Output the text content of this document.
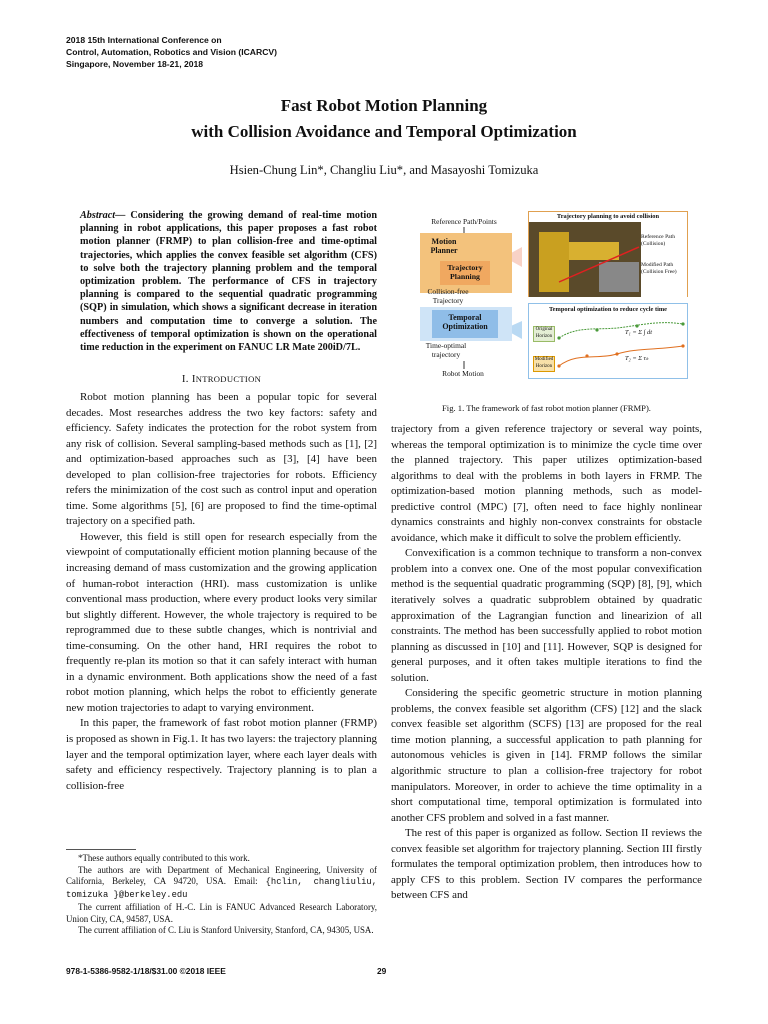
2018 15th International Conference on
Control, Automation, Robotics and Vision (ICARCV)
Singapore, November 18-21, 2018
Fast Robot Motion Planning
with Collision Avoidance and Temporal Optimization
Hsien-Chung Lin*, Changliu Liu*, and Masayoshi Tomizuka
Abstract— Considering the growing demand of real-time motion planning in robot applications, this paper proposes a fast robot motion planner (FRMP) to plan collision-free and time-optimal trajectories, which applies the convex feasible set algorithm (CFS) to solve both the trajectory planning problem and the temporal optimization problem. The performance of CFS in trajectory planning is compared to the sequential quadratic programming (SQP) in simulation, which shows a significant decrease in iteration numbers and computation time to converge a solution. The effectiveness of temporal optimization is shown on the operational time reduction in the experiment on FANUC LR Mate 200iD/7L.
I. INTRODUCTION

Robot motion planning has been a popular topic for several decades. Most researches address the two key factors: safety and efficiency. Safety indicates the protection for the robot system from any risk of collision. Several sampling-based methods such as [1], [2] and optimization-based approaches such as [3], [4] have been developed to plan collision-free trajectories for robots. Efficiency refers the minimization of the cost such as control input and operation time. Some algorithms [5], [6] are proposed to find the time-optimal trajectory on a specified path.

However, this field is still open for research especially from the viewpoint of computationally efficient motion planning because of the increasing demand of mass customization and the growing application of human-robot interaction (HRI). mass customization is unlike conventional mass production, where every product looks very similar but slightly different. However, the whole trajectory is required to be reprogrammed due to these subtle changes, which is nontrivial and time-consuming. On the other hand, HRI requires the robot to frequently re-plan its motion so that it can safely interact with human in a dynamic environment. Both applications show the need of a fast robot motion planning, which helps the robot to efficiently generate new motion trajectories to adapt to varying environment.

In this paper, the framework of fast robot motion planner (FRMP) is proposed as shown in Fig.1. It has two layers: the trajectory planning layer and the temporal optimization layer, where each layer deals with safety and efficiency respectively. Trajectory planning is to plan a collision-free

*These authors equally contributed to this work.
The authors are with Department of Mechanical Engineering, University of California, Berkeley, CA 94720, USA. Email: {hclin, changliuliu, tomizuka }@berkeley.edu
The current affiliation of H.-C. Lin is FANUC Advanced Research Laboratory, Union City, CA, 94587, USA.
The current affiliation of C. Liu is Stanford University, Stanford, CA, 94305, USA.
Reference Path/Points
Motion Planner
Trajectory Planning
Collision-free Trajectory
Temporal Optimization
Time-optimal trajectory
Robot Motion
Trajectory planning to avoid collision
Reference Path (Collision)
Modified Path (Collision Free)
Temporal optimization to reduce cycle time
Original Horizon
Modified Horizon
T₁ = Σ ∫ dt
T₂ = Σ τₖ
Fig. 1. The framework of fast robot motion planner (FRMP).

trajectory from a given reference trajectory or several way points, whereas the temporal optimization is to minimize the cycle time over the planned trajectory. This paper utilizes optimization-based algorithms to deal with the problems in both layers in FRMP. The optimization-based motion planning methods, such as model-predictive control (MPC) [7], often need to face highly nonlinear dynamics constraints and highly non-convex constraints for obstacle avoidance, which make it difficult to solve the problem efficiently.

Convexification is a common technique to transform a non-convex problem into a convex one. One of the most popular convexification method is the sequential quadratic programming (SQP) [8], [9], which iteratively solves a quadratic subproblem obtained by quadratic approximation of the Lagrangian function and linearizion of all constraints. The method has been successfully applied to robot motion planning as discussed in [10] and [11]. However, SQP is designed for general purposes, and it often takes multiple iterations to find the solution.

Considering the specific geometric structure in motion planning problems, the convex feasible set algorithm (CFS) [12] and the slack convex feasible set algorithm (SCFS) [13] are proposed for the real time motion planning, a successful application to path planning for autonomous vehicles is given in [14]. FRMP follows the similar algorithmic structure to plan a collision-free trajectory for robot manipulators. Moreover, in order to achieve the time optimality in a short computational time, temporal optimization is formulated into another CFS problem and solved in a fast manner.

The rest of this paper is organized as follow. Section II reviews the convex feasible set algorithm for trajectory planning. Section III firstly formulates the temporal optimization problem, then introduces how to apply CFS to this problem. Section IV compares the performance between CFS and

978-1-5386-9582-1/18/$31.00 ©2018 IEEE	29
